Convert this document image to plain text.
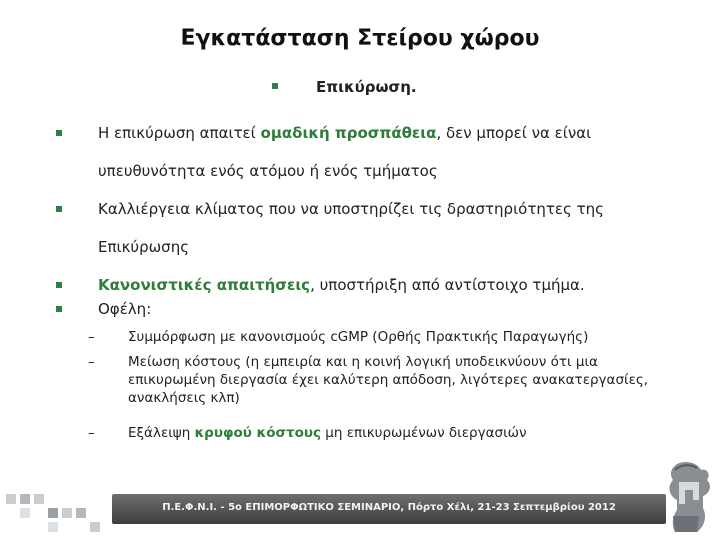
Εγκατάσταση Στείρου χώρου
Επικύρωση.
Η επικύρωση απαιτεί ομαδική προσπάθεια, δεν μπορεί να είναι
υπευθυνότητα ενός ατόμου ή ενός τμήματος
Καλλιέργεια κλίματος που να υποστηρίζει τις δραστηριότητες της
Επικύρωσης
Κανονιστικές απαιτήσεις, υποστήριξη από αντίστοιχο τμήμα.
Οφέλη:
– Συμμόρφωση με κανονισμούς cGMP (Ορθής Πρακτικής Παραγωγής)
– Μείωση κόστους (η εμπειρία και η κοινή λογική υποδεικνύουν ότι μια επικυρωμένη διεργασία έχει καλύτερη απόδοση, λιγότερες ανακατεργασίες, ανακλήσεις κλπ)
– Εξάλειψη κρυφού κόστους μη επικυρωμένων διεργασιών
Π.Ε.Φ.Ν.Ι. - 5ο ΕΠΙΜΟΡΦΩΤΙΚΟ ΣΕΜΙΝΑΡΙΟ, Πόρτο Χέλι, 21-23 Σεπτεμβρίου 2012
